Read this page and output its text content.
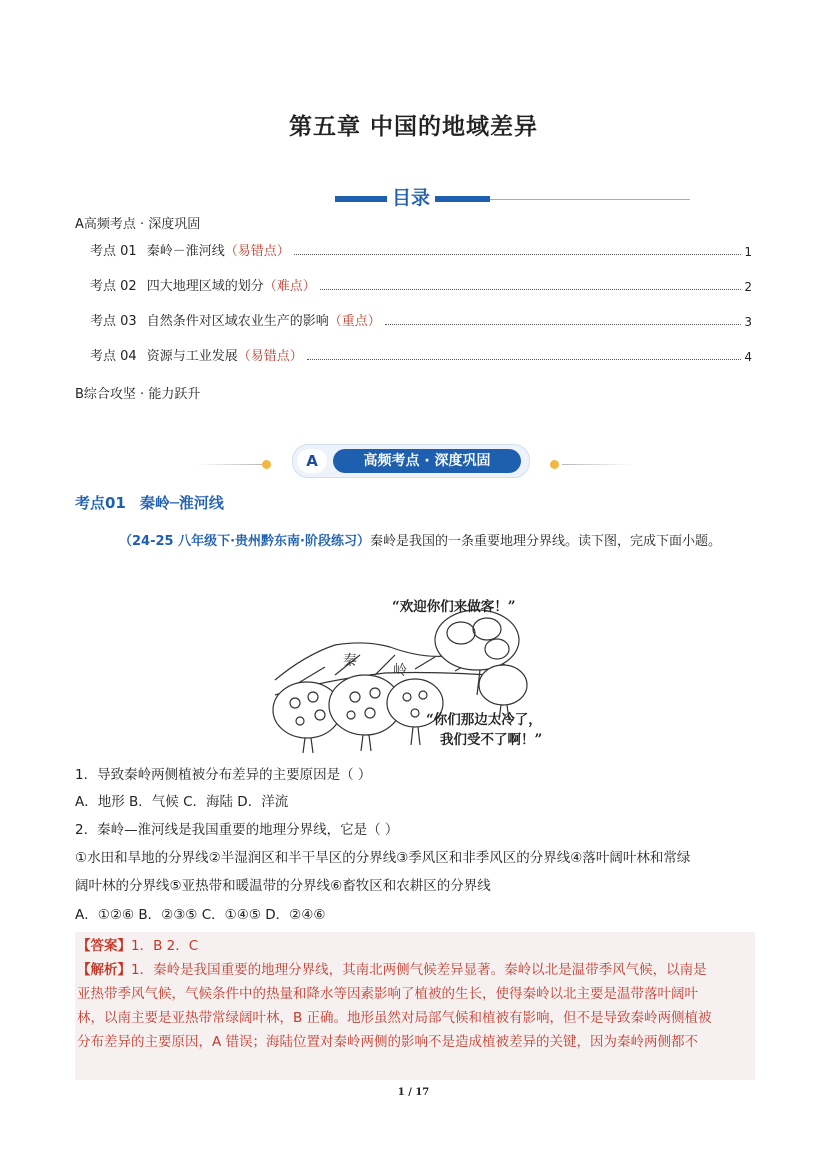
第五章 中国的地域差异
目录
A高频考点 · 深度巩固
考点 01 秦岭－淮河线 （易错点）	1
考点 02 四大地理区域的划分 （难点）	2
考点 03 自然条件对区域农业生产的影响 （重点）	3
考点 04 资源与工业发展 （易错点）	4
B综合攻坚 · 能力跃升
A	高频考点 · 深度巩固
考点01 秦岭─淮河线
（24-25 八年级下·贵州黔东南·阶段练习）秦岭是我国的一条重要地理分界线。读下图，完成下面小题。
秦
岭
“欢迎你们来做客！”
“你们那边太冷了，
我们受不了啊！”
1．导致秦岭两侧植被分布差异的主要原因是（ ）
A．地形 B．气候 C．海陆 D．洋流
2．秦岭—淮河线是我国重要的地理分界线，它是（ ）
①水田和旱地的分界线②半湿润区和半干旱区的分界线③季风区和非季风区的分界线④落叶阔叶林和常绿
阔叶林的分界线⑤亚热带和暖温带的分界线⑥畜牧区和农耕区的分界线
A．①②⑥ B．②③⑤ C．①④⑤ D．②④⑥
【答案】1．B 2．C
【解析】1．秦岭是我国重要的地理分界线，其南北两侧气候差异显著。秦岭以北是温带季风气候，以南是
亚热带季风气候，气候条件中的热量和降水等因素影响了植被的生长，使得秦岭以北主要是温带落叶阔叶
林，以南主要是亚热带常绿阔叶林，B 正确。地形虽然对局部气候和植被有影响，但不是导致秦岭两侧植被
分布差异的主要原因，A 错误；海陆位置对秦岭两侧的影响不是造成植被差异的关键，因为秦岭两侧都不
1 / 17
